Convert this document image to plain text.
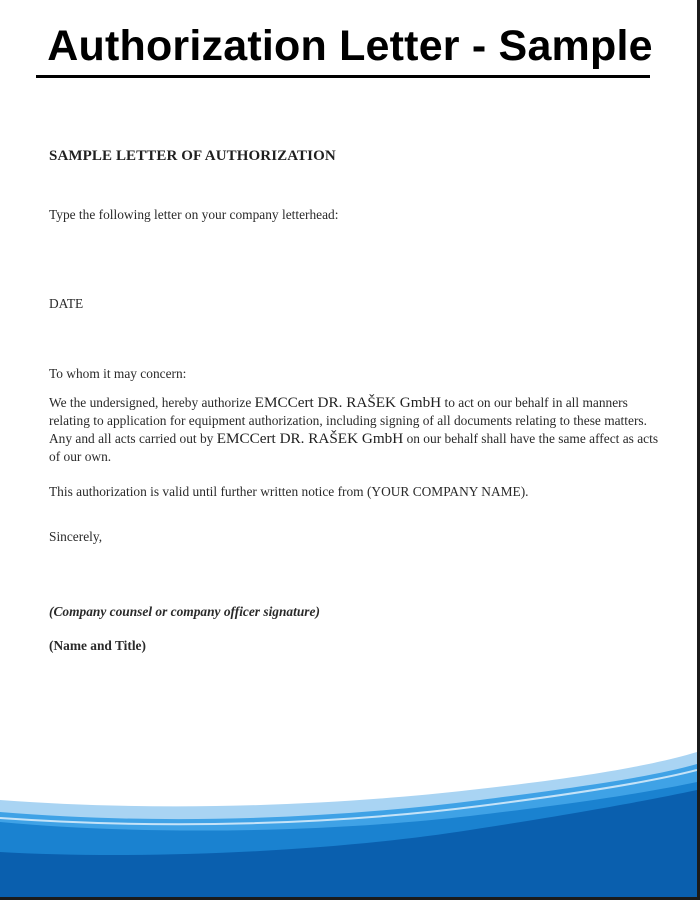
Authorization Letter - Sample

SAMPLE LETTER OF AUTHORIZATION

Type the following letter on your company letterhead:

DATE

To whom it may concern:

We the undersigned, hereby authorize EMCCert DR. RAŠEK GmbH to act on our behalf in all manners relating to application for equipment authorization, including signing of all documents relating to these matters. Any and all acts carried out by EMCCert DR. RAŠEK GmbH on our behalf shall have the same affect as acts of our own.

This authorization is valid until further written notice from (YOUR COMPANY NAME).

Sincerely,

(Company counsel or company officer signature)

(Name and Title)
